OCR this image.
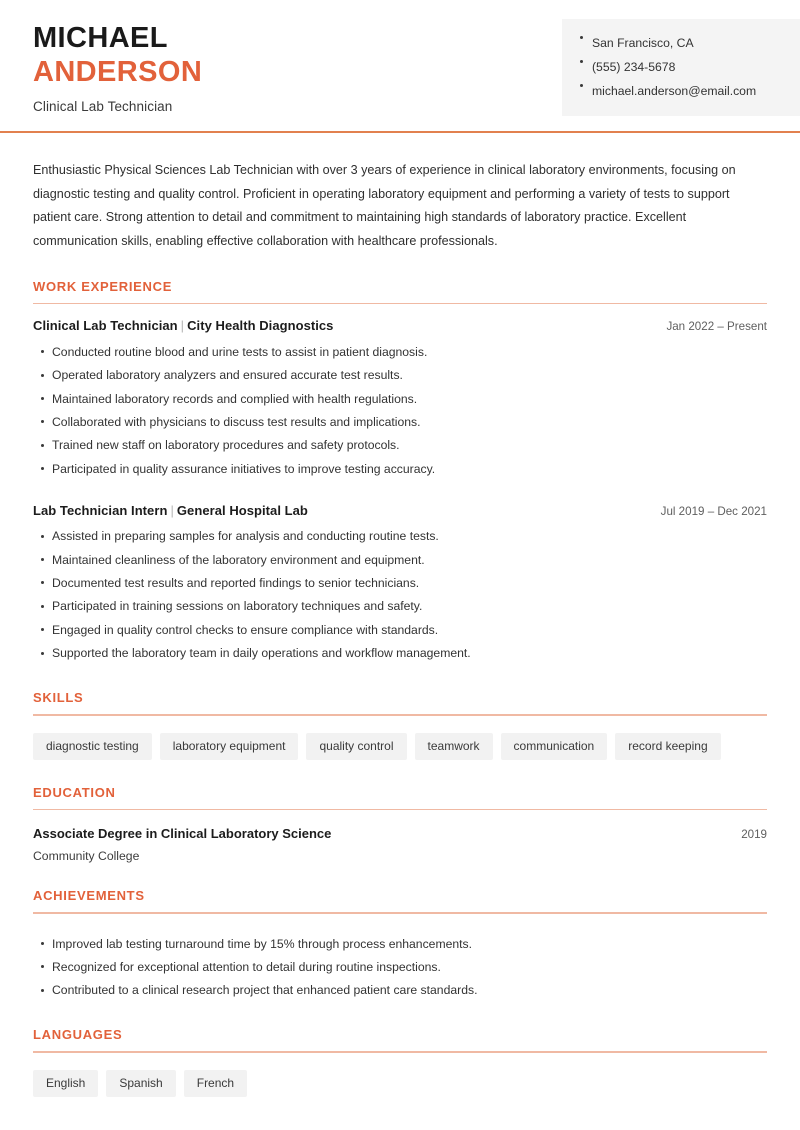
MICHAEL
ANDERSON
Clinical Lab Technician
San Francisco, CA
(555) 234-5678
michael.anderson@email.com

Enthusiastic Physical Sciences Lab Technician with over 3 years of experience in clinical laboratory environments, focusing on diagnostic testing and quality control. Proficient in operating laboratory equipment and performing a variety of tests to support patient care. Strong attention to detail and commitment to maintaining high standards of laboratory practice. Excellent communication skills, enabling effective collaboration with healthcare professionals.

WORK EXPERIENCE
Clinical Lab Technician | City Health Diagnostics	Jan 2022 – Present
Conducted routine blood and urine tests to assist in patient diagnosis.
Operated laboratory analyzers and ensured accurate test results.
Maintained laboratory records and complied with health regulations.
Collaborated with physicians to discuss test results and implications.
Trained new staff on laboratory procedures and safety protocols.
Participated in quality assurance initiatives to improve testing accuracy.
Lab Technician Intern | General Hospital Lab	Jul 2019 – Dec 2021
Assisted in preparing samples for analysis and conducting routine tests.
Maintained cleanliness of the laboratory environment and equipment.
Documented test results and reported findings to senior technicians.
Participated in training sessions on laboratory techniques and safety.
Engaged in quality control checks to ensure compliance with standards.
Supported the laboratory team in daily operations and workflow management.
SKILLS
diagnostic testing	laboratory equipment	quality control	teamwork	communication	record keeping
EDUCATION
Associate Degree in Clinical Laboratory Science	2019
Community College
ACHIEVEMENTS
Improved lab testing turnaround time by 15% through process enhancements.
Recognized for exceptional attention to detail during routine inspections.
Contributed to a clinical research project that enhanced patient care standards.
LANGUAGES
English	Spanish	French
